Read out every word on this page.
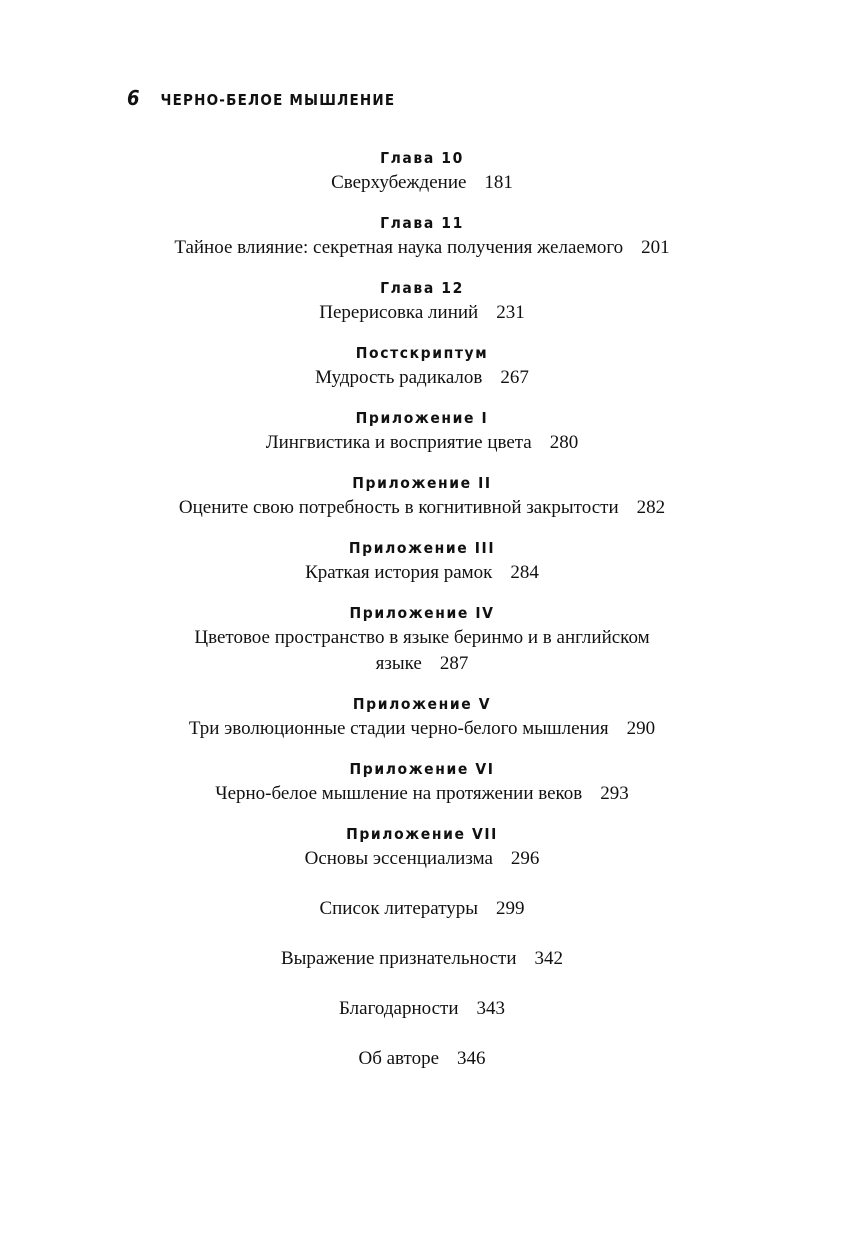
6 ЧЕРНО-БЕЛОЕ МЫШЛЕНИЕ
Глава 10
Сверхубеждение 181
Глава 11
Тайное влияние: секретная наука получения желаемого 201
Глава 12
Перерисовка линий 231
Постскриптум
Мудрость радикалов 267
Приложение I
Лингвистика и восприятие цвета 280
Приложение II
Оцените свою потребность в когнитивной закрытости 282
Приложение III
Краткая история рамок 284
Приложение IV
Цветовое пространство в языке беринмо и в английском
языке 287
Приложение V
Три эволюционные стадии черно-белого мышления 290
Приложение VI
Черно-белое мышление на протяжении веков 293
Приложение VII
Основы эссенциализма 296
Список литературы 299
Выражение признательности 342
Благодарности 343
Об авторе 346
